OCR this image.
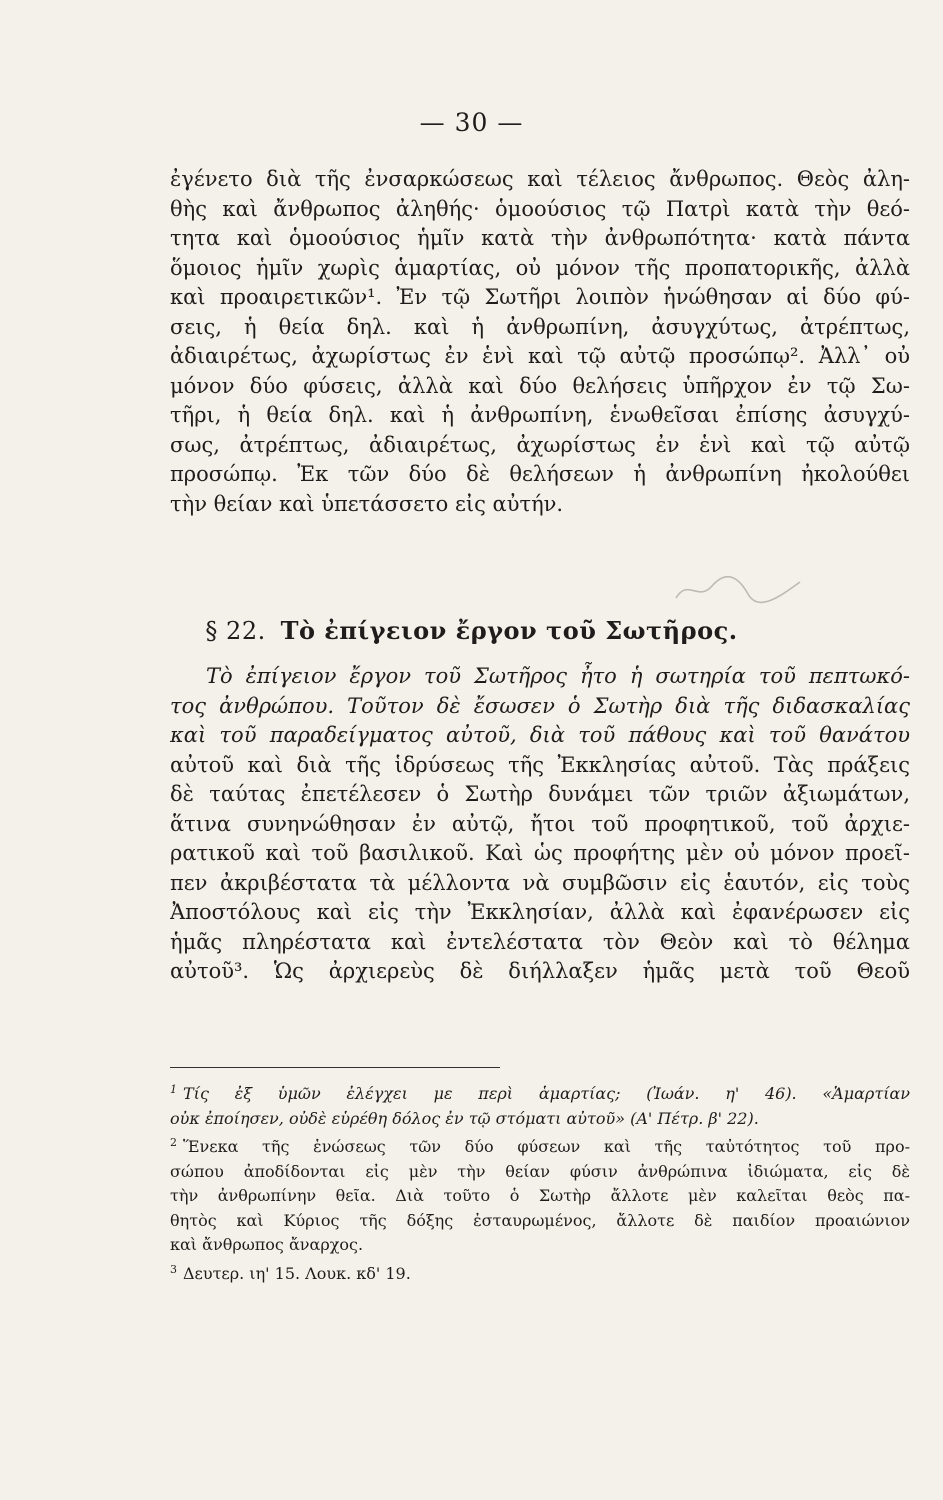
— 30 —
ἐγένετο διὰ τῆς ἐνσαρκώσεως καὶ τέλειος ἄνθρωπος. Θεὸς ἀλη-
θὴς καὶ ἄνθρωπος ἀληθής· ὁμοούσιος τῷ Πατρὶ κατὰ τὴν θεό-
τητα καὶ ὁμοούσιος ἡμῖν κατὰ τὴν ἀνθρωπότητα· κατὰ πάντα
ὅμοιος ἡμῖν χωρὶς ἁμαρτίας, οὐ μόνον τῆς προπατορικῆς, ἀλλὰ
καὶ προαιρετικῶν¹. Ἐν τῷ Σωτῆρι λοιπὸν ἡνώθησαν αἱ δύο φύ-
σεις, ἡ θεία δηλ. καὶ ἡ ἀνθρωπίνη, ἀσυγχύτως, ἀτρέπτως,
ἀδιαιρέτως, ἀχωρίστως ἐν ἑνὶ καὶ τῷ αὐτῷ προσώπῳ². Ἀλλ᾽ οὐ
μόνον δύο φύσεις, ἀλλὰ καὶ δύο θελήσεις ὑπῆρχον ἐν τῷ Σω-
τῆρι, ἡ θεία δηλ. καὶ ἡ ἀνθρωπίνη, ἑνωθεῖσαι ἐπίσης ἀσυγχύ-
σως, ἀτρέπτως, ἀδιαιρέτως, ἀχωρίστως ἐν ἑνὶ καὶ τῷ αὐτῷ
προσώπῳ. Ἐκ τῶν δύο δὲ θελήσεων ἡ ἀνθρωπίνη ἠκολούθει
τὴν θείαν καὶ ὑπετάσσετο εἰς αὐτήν.
§ 22. Τὸ ἐπίγειον ἔργον τοῦ Σωτῆρος.
Τὸ ἐπίγειον ἔργον τοῦ Σωτῆρος ἦτο ἡ σωτηρία τοῦ πεπτωκό-
τος ἀνθρώπου. Τοῦτον δὲ ἔσωσεν ὁ Σωτὴρ διὰ τῆς διδασκαλίας
καὶ τοῦ παραδείγματος αὐτοῦ, διὰ τοῦ πάθους καὶ τοῦ θανάτου
αὐτοῦ καὶ διὰ τῆς ἱδρύσεως τῆς Ἐκκλησίας αὐτοῦ. Τὰς πράξεις
δὲ ταύτας ἐπετέλεσεν ὁ Σωτὴρ δυνάμει τῶν τριῶν ἀξιωμάτων,
ἅτινα συνηνώθησαν ἐν αὐτῷ, ἤτοι τοῦ προφητικοῦ, τοῦ ἀρχιε-
ρατικοῦ καὶ τοῦ βασιλικοῦ. Καὶ ὡς προφήτης μὲν οὐ μόνον προεῖ-
πεν ἀκριβέστατα τὰ μέλλοντα νὰ συμβῶσιν εἰς ἑαυτόν, εἰς τοὺς
Ἀποστόλους καὶ εἰς τὴν Ἐκκλησίαν, ἀλλὰ καὶ ἐφανέρωσεν εἰς
ἡμᾶς πληρέστατα καὶ ἐντελέστατα τὸν Θεὸν καὶ τὸ θέλημα
αὐτοῦ³. Ὡς ἀρχιερεὺς δὲ διήλλαξεν ἡμᾶς μετὰ τοῦ Θεοῦ
$^1$ Τίς ἐξ ὑμῶν ἐλέγχει με περὶ ἁμαρτίας; (Ἰωάν. η' 46). «Ἁμαρτίαν
οὐκ ἐποίησεν, οὐδὲ εὑρέθη δόλος ἐν τῷ στόματι αὐτοῦ» (Α' Πέτρ. β' 22).
$^2$ Ἕνεκα τῆς ἑνώσεως τῶν δύο φύσεων καὶ τῆς ταὐτότητος τοῦ προ-
σώπου ἀποδίδονται εἰς μὲν τὴν θείαν φύσιν ἀνθρώπινα ἰδιώματα, εἰς δὲ
τὴν ἀνθρωπίνην θεῖα. Διὰ τοῦτο ὁ Σωτὴρ ἄλλοτε μὲν καλεῖται θεὸς πα-
θητὸς καὶ Κύριος τῆς δόξης ἐσταυρωμένος, ἄλλοτε δὲ παιδίον προαιώνιον
καὶ ἄνθρωπος ἄναρχος.
$^3$ Δευτερ. ιη' 15. Λουκ. κδ' 19.
